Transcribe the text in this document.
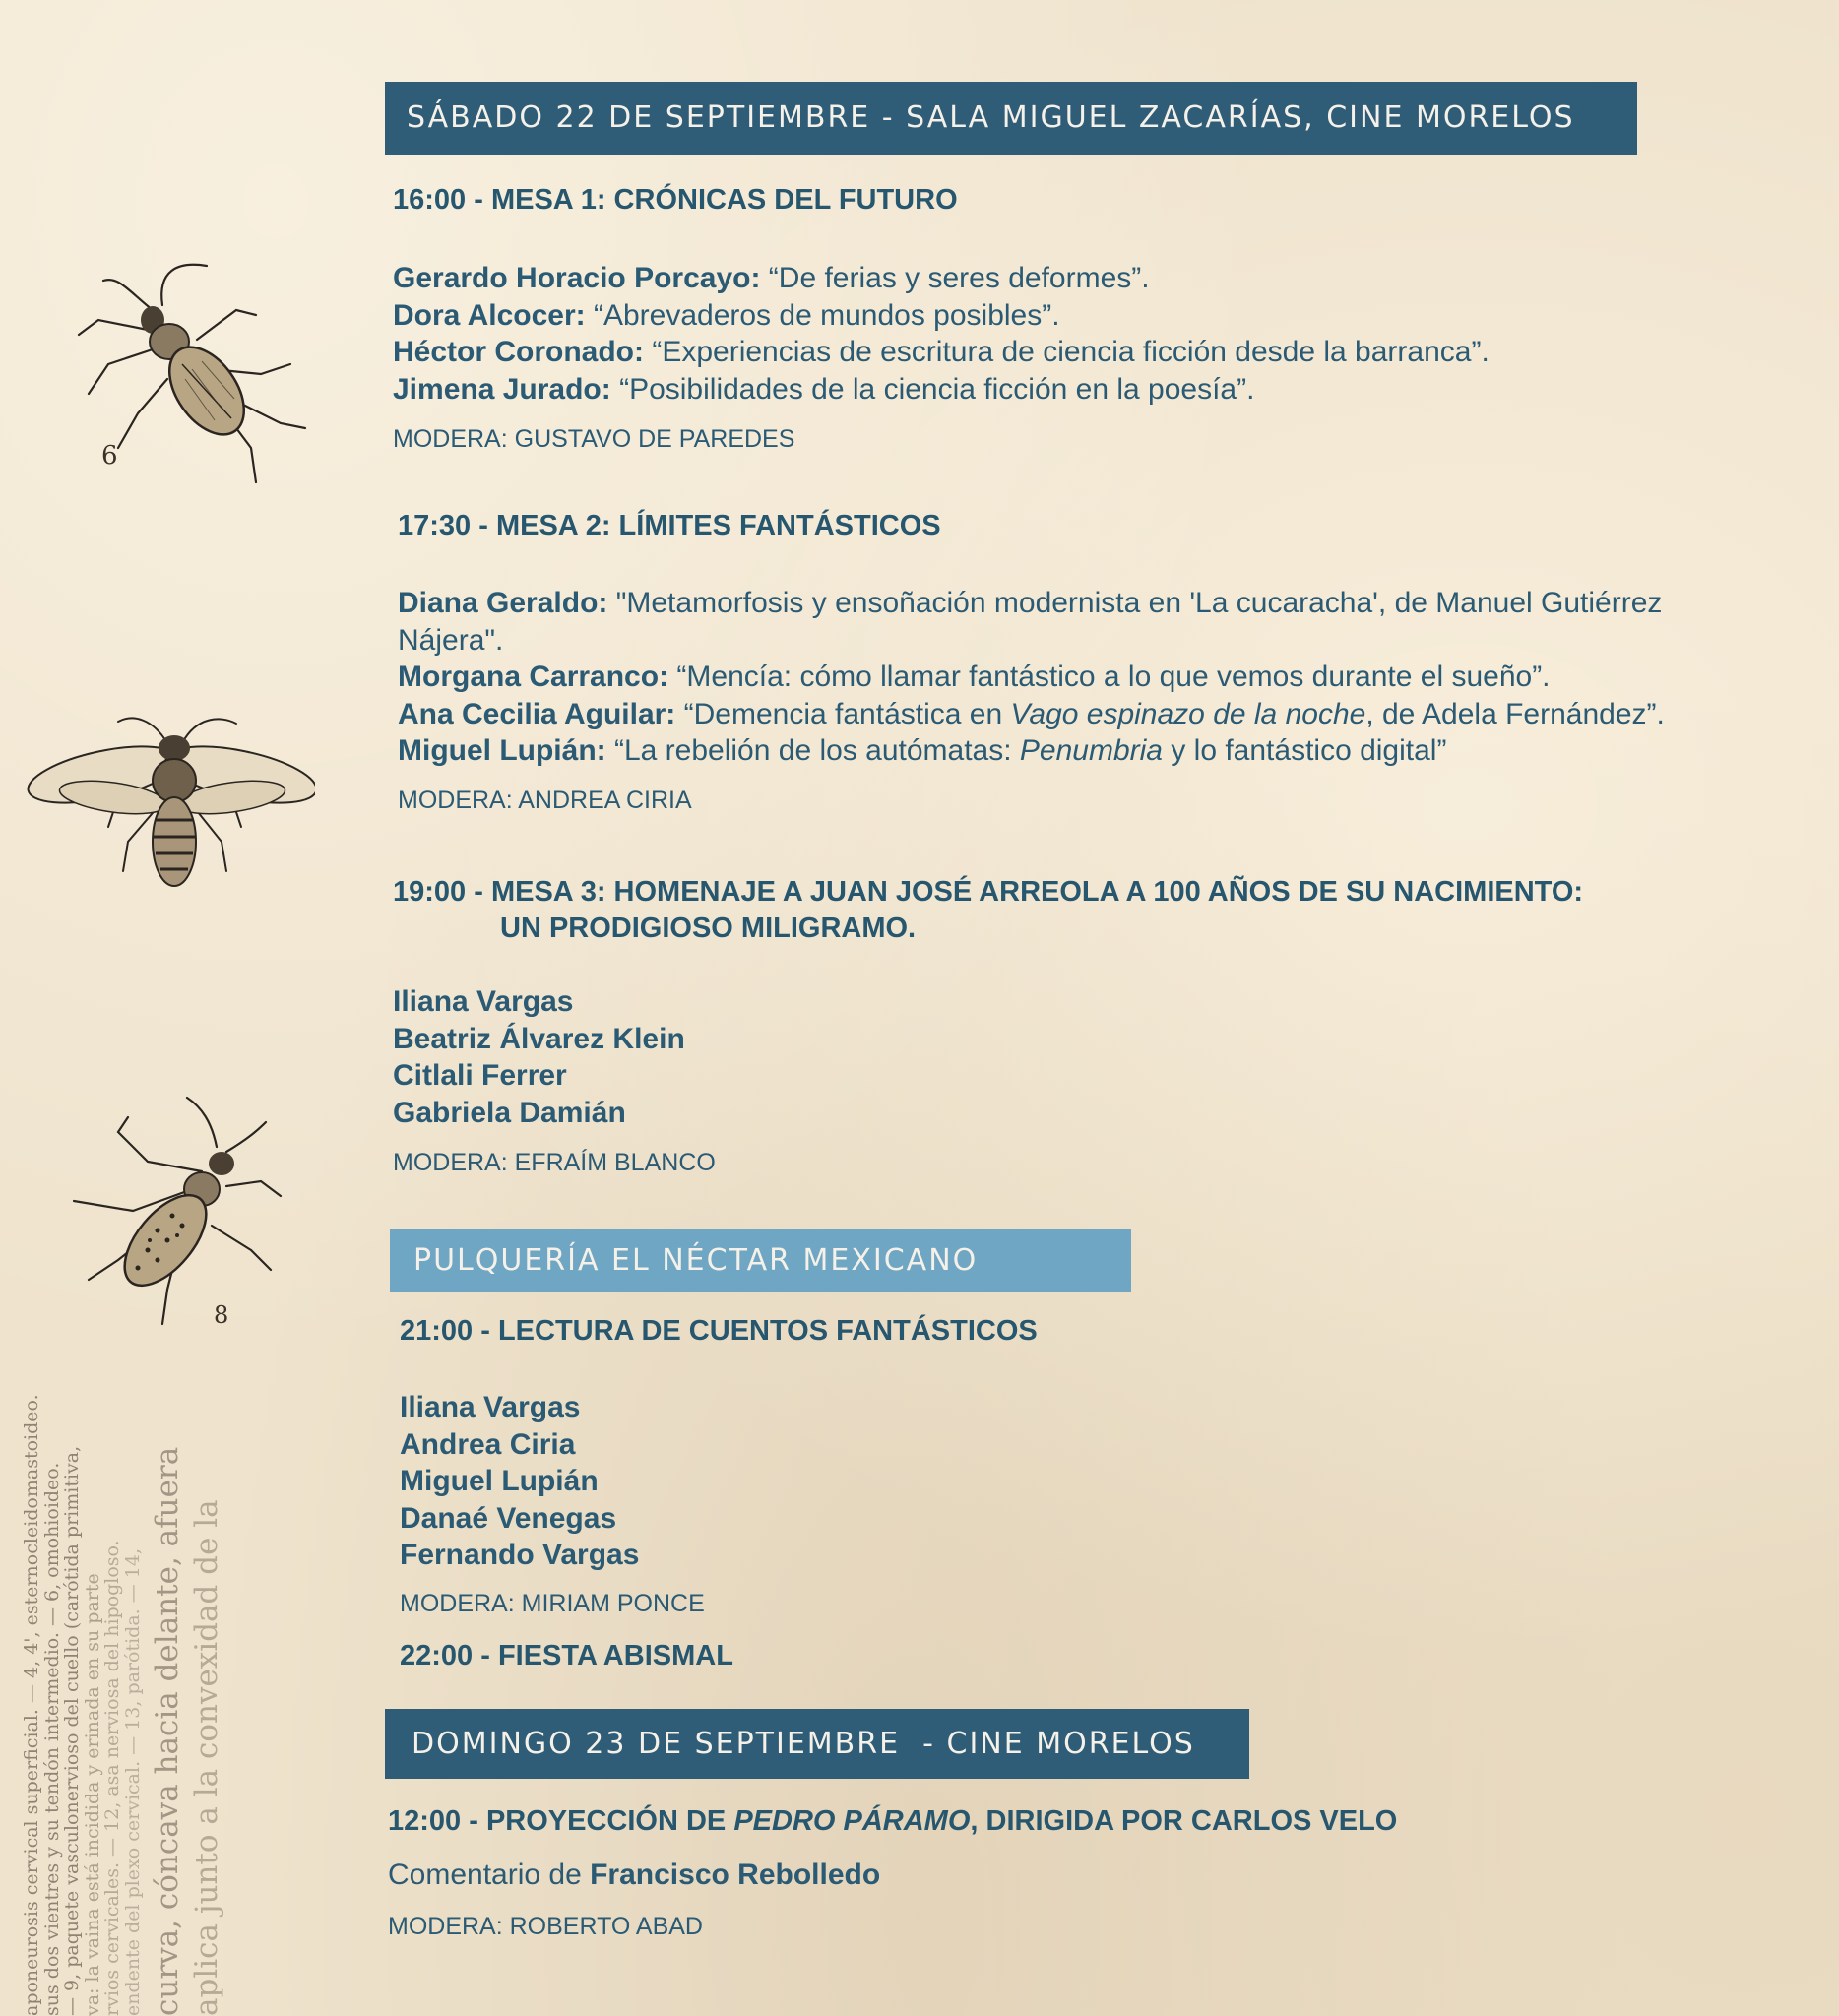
aponeurosis cervical superficial. — 4, 4', esternocleidomastoideo.
sus dos vientres y su tendón intermedio. — 6, omohioideo.
— 9, paquete vasculonervioso del cuello (carótida primitiva,
va: la vaina está incidida y erinada en su parte
rvios cervicales. — 12, asa nerviosa del hipogloso.
endente del plexo cervical. — 13, parótida. — 14, curva, cóncava hacia delante, afuera aplica junto a la convexidad de la
6
8
SÁBADO 22 DE SEPTIEMBRE - SALA MIGUEL ZACARÍAS, CINE MORELOS
16:00 - MESA 1: CRÓNICAS DEL FUTURO
Gerardo Horacio Porcayo: “De ferias y seres deformes”.
Dora Alcocer: “Abrevaderos de mundos posibles”.
Héctor Coronado: “Experiencias de escritura de ciencia ficción desde la barranca”.
Jimena Jurado: “Posibilidades de la ciencia ficción en la poesía”.
MODERA: GUSTAVO DE PAREDES
17:30 - MESA 2: LÍMITES FANTÁSTICOS
Diana Geraldo: "Metamorfosis y ensoñación modernista en 'La cucaracha', de Manuel Gutiérrez
Nájera".
Morgana Carranco: “Mencía: cómo llamar fantástico a lo que vemos durante el sueño”.
Ana Cecilia Aguilar: “Demencia fantástica en Vago espinazo de la noche, de Adela Fernández”.
Miguel Lupián: “La rebelión de los autómatas: Penumbria y lo fantástico digital”
MODERA: ANDREA CIRIA
19:00 - MESA 3: HOMENAJE A JUAN JOSÉ ARREOLA A 100 AÑOS DE SU NACIMIENTO:
UN PRODIGIOSO MILIGRAMO.
Iliana Vargas
Beatriz Álvarez Klein
Citlali Ferrer
Gabriela Damián
MODERA: EFRAÍM BLANCO
PULQUERÍA EL NÉCTAR MEXICANO
21:00 - LECTURA DE CUENTOS FANTÁSTICOS
Iliana Vargas
Andrea Ciria
Miguel Lupián
Danaé Venegas
Fernando Vargas
MODERA: MIRIAM PONCE
22:00 - FIESTA ABISMAL
DOMINGO 23 DE SEPTIEMBRE  - CINE MORELOS
12:00 - PROYECCIÓN DE PEDRO PÁRAMO, DIRIGIDA POR CARLOS VELO
Comentario de Francisco Rebolledo
MODERA: ROBERTO ABAD
